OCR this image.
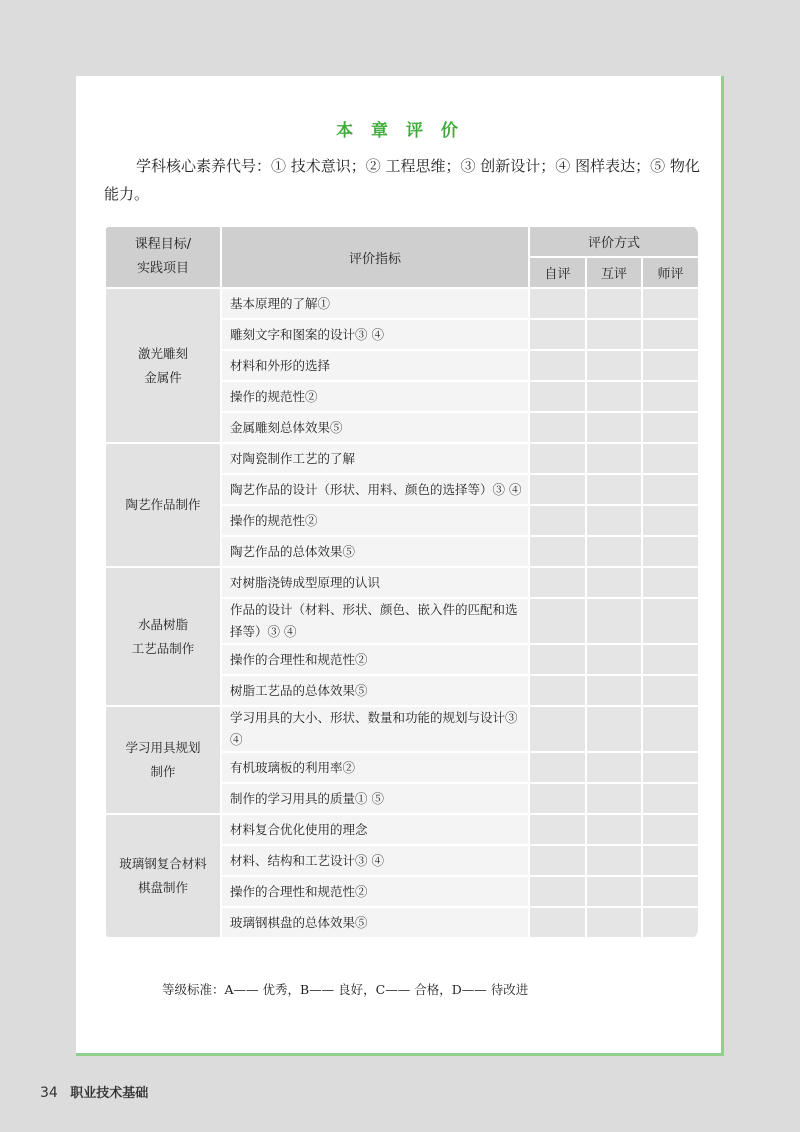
本 章 评 价

学科核心素养代号：① 技术意识；② 工程思维；③ 创新设计；④ 图样表达；⑤ 物化能力。

课程目标/
实践项目	评价指标	评价方式		
		自评	互评	师评
激光雕刻
金属件	基本原理的了解①			
	雕刻文字和图案的设计③ ④			
	材料和外形的选择			
	操作的规范性②			
	金属雕刻总体效果⑤			
陶艺作品制作	对陶瓷制作工艺的了解			
	陶艺作品的设计（形状、用料、颜色的选择等）③ ④			
	操作的规范性②			
	陶艺作品的总体效果⑤			
水晶树脂
工艺品制作	对树脂浇铸成型原理的认识			
	作品的设计（材料、形状、颜色、嵌入件的匹配和选择等）③ ④			
	操作的合理性和规范性②			
	树脂工艺品的总体效果⑤			
学习用具规划
制作	学习用具的大小、形状、数量和功能的规划与设计③ ④			
	有机玻璃板的利用率②			
	制作的学习用具的质量① ⑤			
玻璃钢复合材料
棋盘制作	材料复合优化使用的理念			
	材料、结构和工艺设计③ ④			
	操作的合理性和规范性②			
	玻璃钢棋盘的总体效果⑤			
等级标准：A—— 优秀，B—— 良好，C—— 合格，D—— 待改进
34 职业技术基础
